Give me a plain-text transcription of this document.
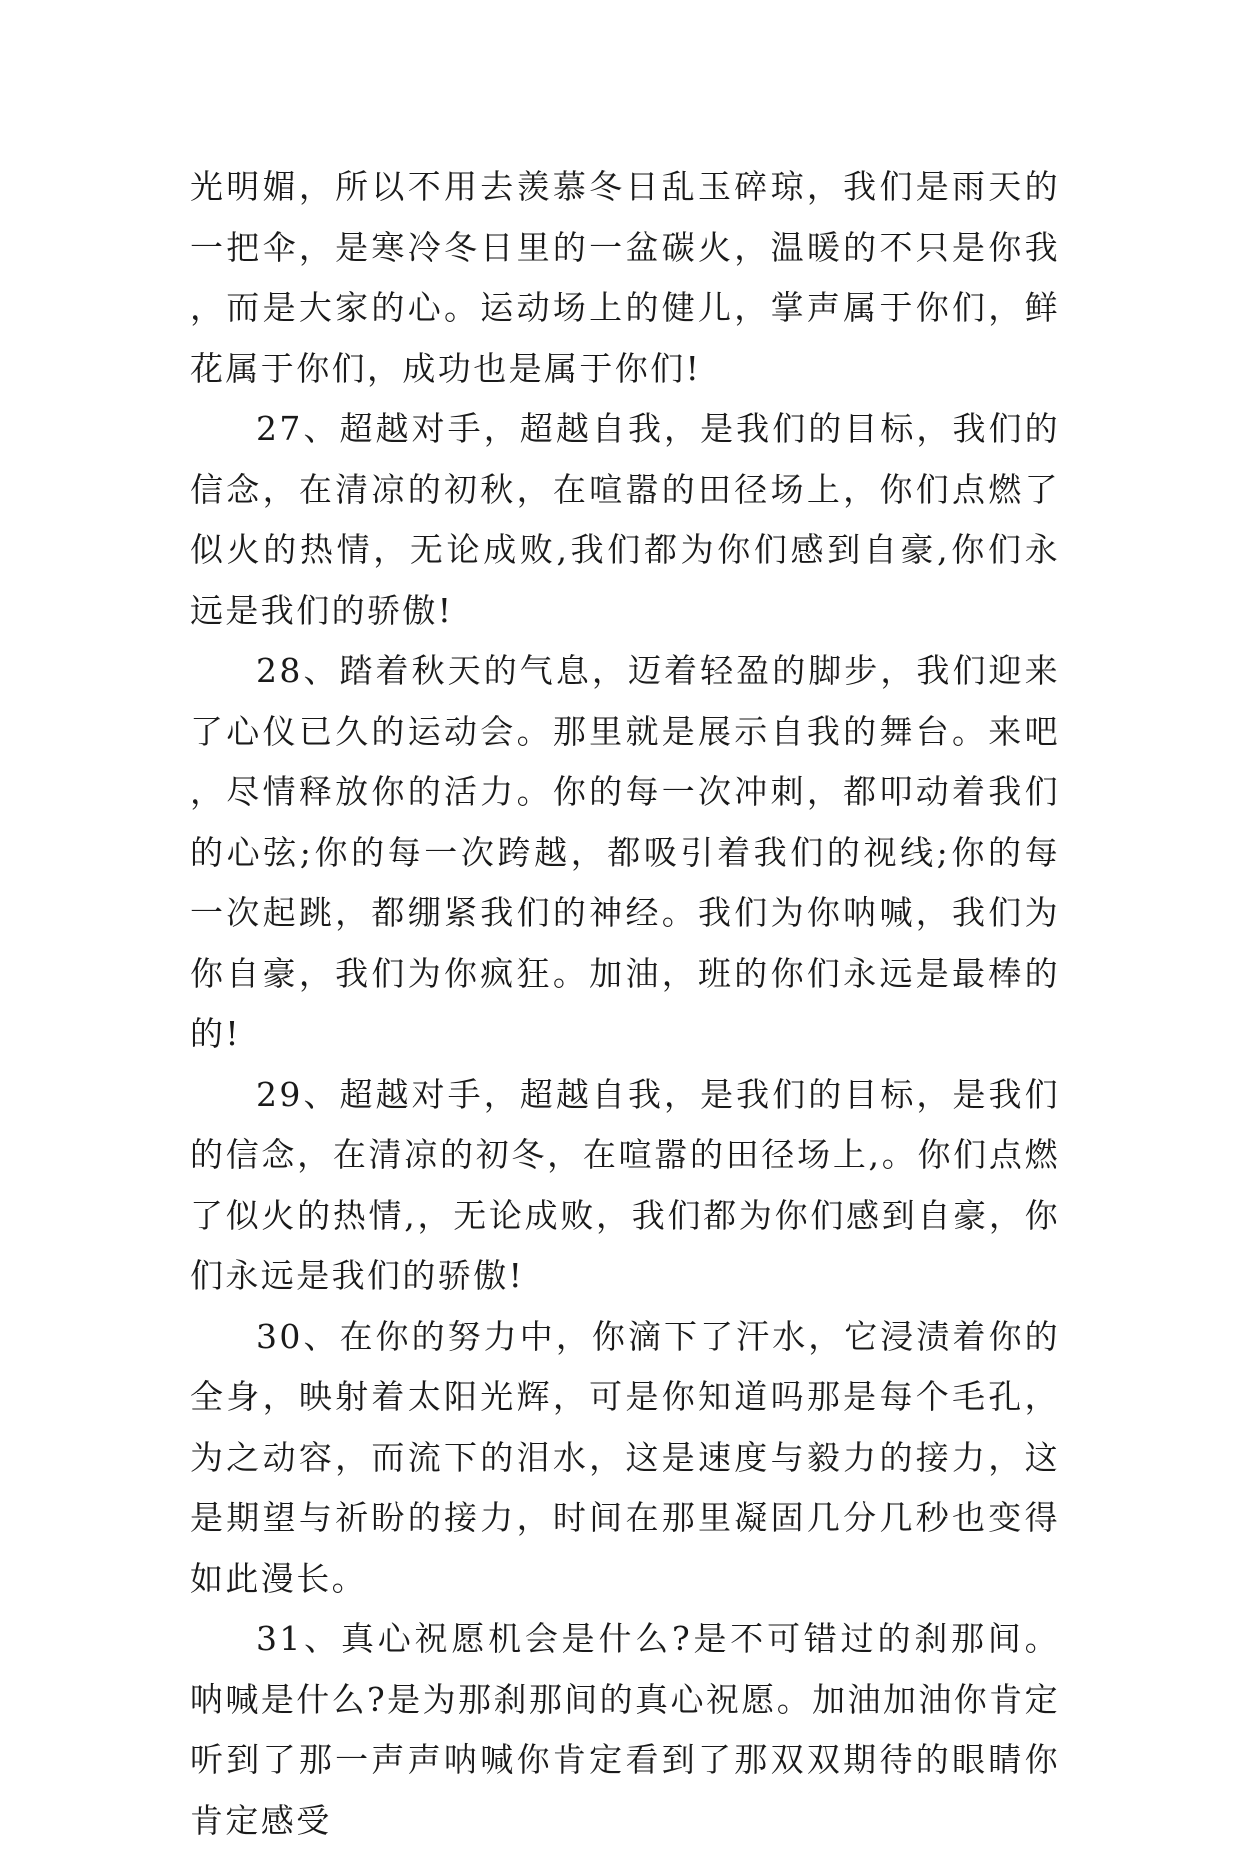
光明媚，所以不用去羡慕冬日乱玉碎琼，我们是雨天的一把伞，是寒冷冬日里的一盆碳火，温暖的不只是你我，而是大家的心。运动场上的健儿，掌声属于你们，鲜花属于你们，成功也是属于你们!

27、超越对手，超越自我，是我们的目标，我们的信念，在清凉的初秋，在喧嚣的田径场上，你们点燃了似火的热情，无论成败,我们都为你们感到自豪,你们永远是我们的骄傲!

28、踏着秋天的气息，迈着轻盈的脚步，我们迎来了心仪已久的运动会。那里就是展示自我的舞台。来吧，尽情释放你的活力。你的每一次冲刺，都叩动着我们的心弦;你的每一次跨越，都吸引着我们的视线;你的每一次起跳，都绷紧我们的神经。我们为你呐喊，我们为你自豪，我们为你疯狂。加油，班的你们永远是最棒的的!

29、超越对手，超越自我，是我们的目标，是我们的信念，在清凉的初冬，在喧嚣的田径场上,。你们点燃了似火的热情,，无论成败，我们都为你们感到自豪，你们永远是我们的骄傲!

30、在你的努力中，你滴下了汗水，它浸渍着你的全身，映射着太阳光辉，可是你知道吗那是每个毛孔，为之动容，而流下的泪水，这是速度与毅力的接力，这是期望与祈盼的接力，时间在那里凝固几分几秒也变得如此漫长。

31、真心祝愿机会是什么?是不可错过的刹那间。呐喊是什么?是为那刹那间的真心祝愿。加油加油你肯定听到了那一声声呐喊你肯定看到了那双双期待的眼睛你肯定感受
